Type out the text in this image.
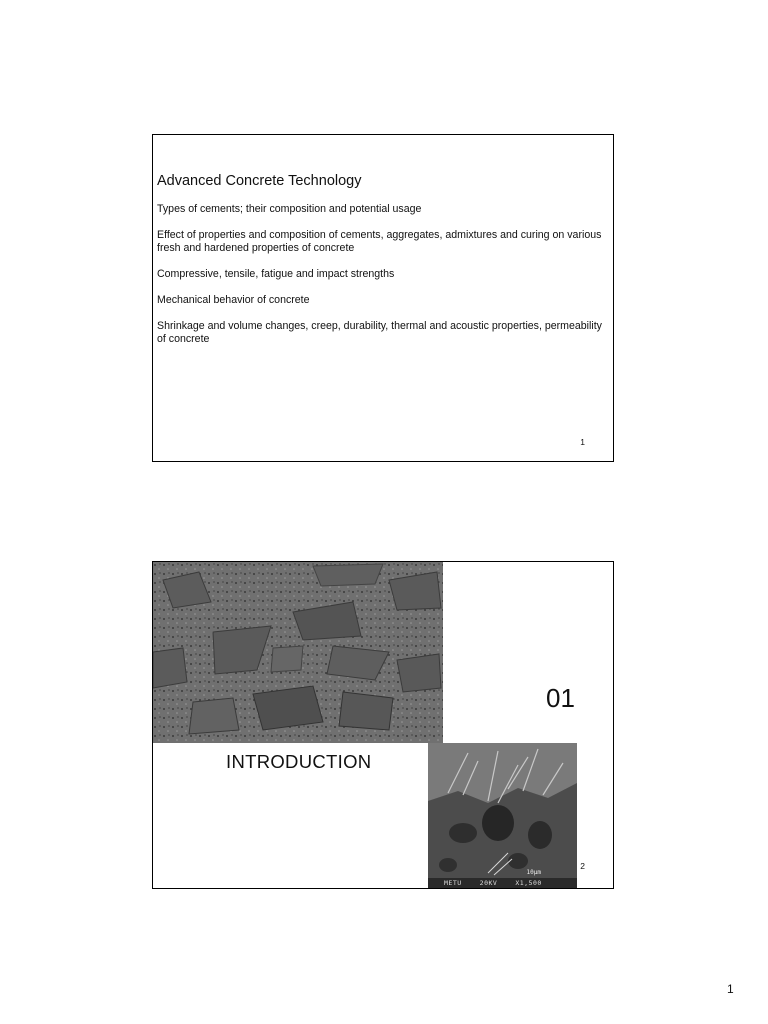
Advanced Concrete Technology
Types of cements; their composition and potential usage
Effect of properties and composition of cements, aggregates, admixtures and curing on various fresh and hardened properties of concrete
Compressive, tensile, fatigue and impact strengths
Mechanical behavior of concrete
Shrinkage and volume changes, creep, durability, thermal and acoustic properties, permeability of concrete
1
01
INTRODUCTION
10μm
METU	20KV	X1,500
2
1
